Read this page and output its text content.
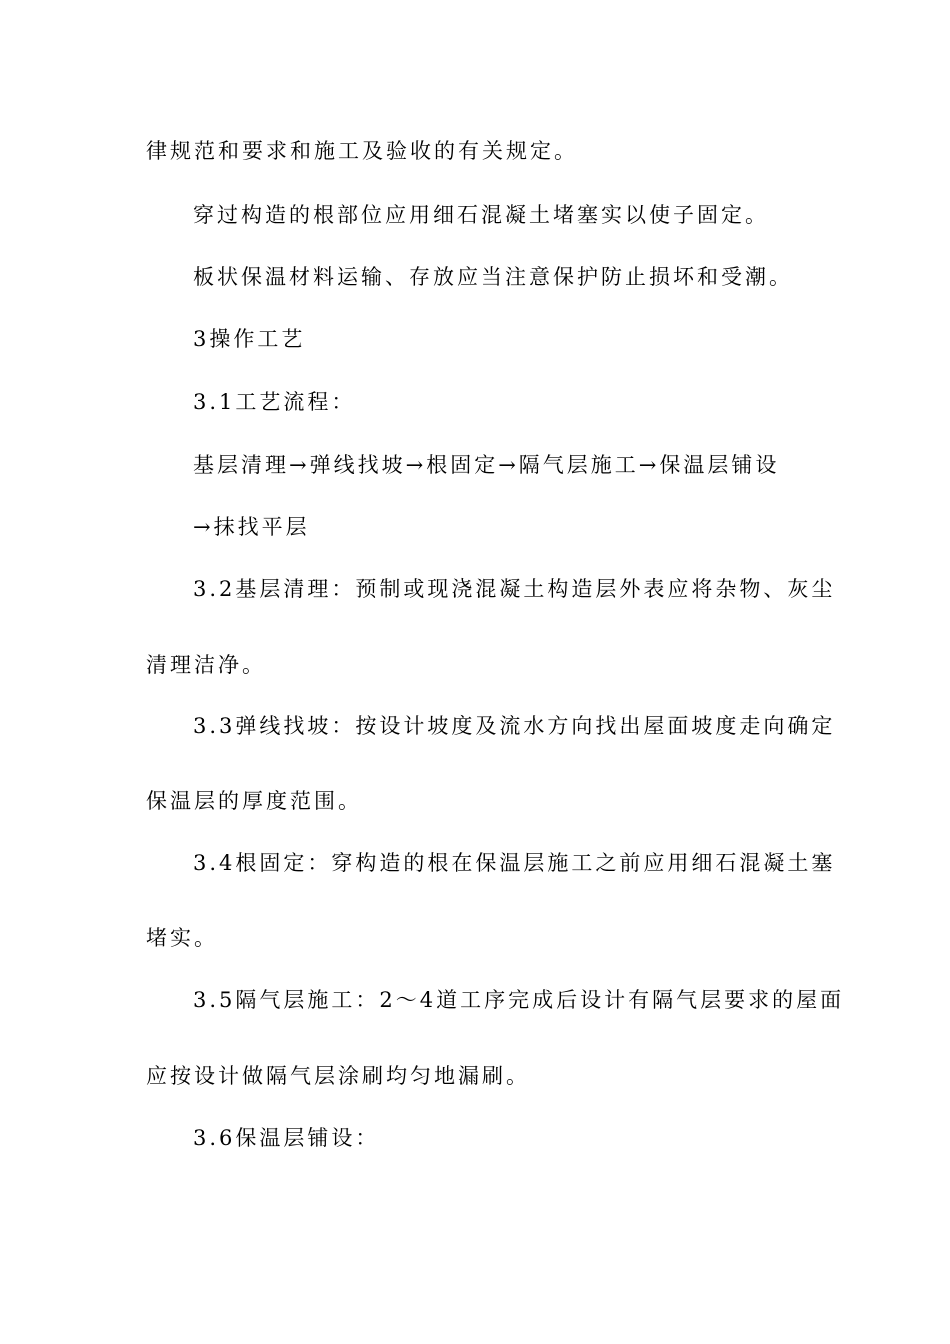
律规范和要求和施工及验收的有关规定。
穿过构造的根部位应用细石混凝土堵塞实以使子固定。
板状保温材料运输、存放应当注意保护防止损坏和受潮。
3操作工艺
3.1工艺流程：
基层清理→弹线找坡→根固定→隔气层施工→保温层铺设
→抹找平层
3.2基层清理：预制或现浇混凝土构造层外表应将杂物、灰尘
清理洁净。
3.3弹线找坡：按设计坡度及流水方向找出屋面坡度走向确定
保温层的厚度范围。
3.4根固定：穿构造的根在保温层施工之前应用细石混凝土塞
堵实。
3.5隔气层施工：2～4道工序完成后设计有隔气层要求的屋面
应按设计做隔气层涂刷均匀地漏刷。
3.6保温层铺设：
